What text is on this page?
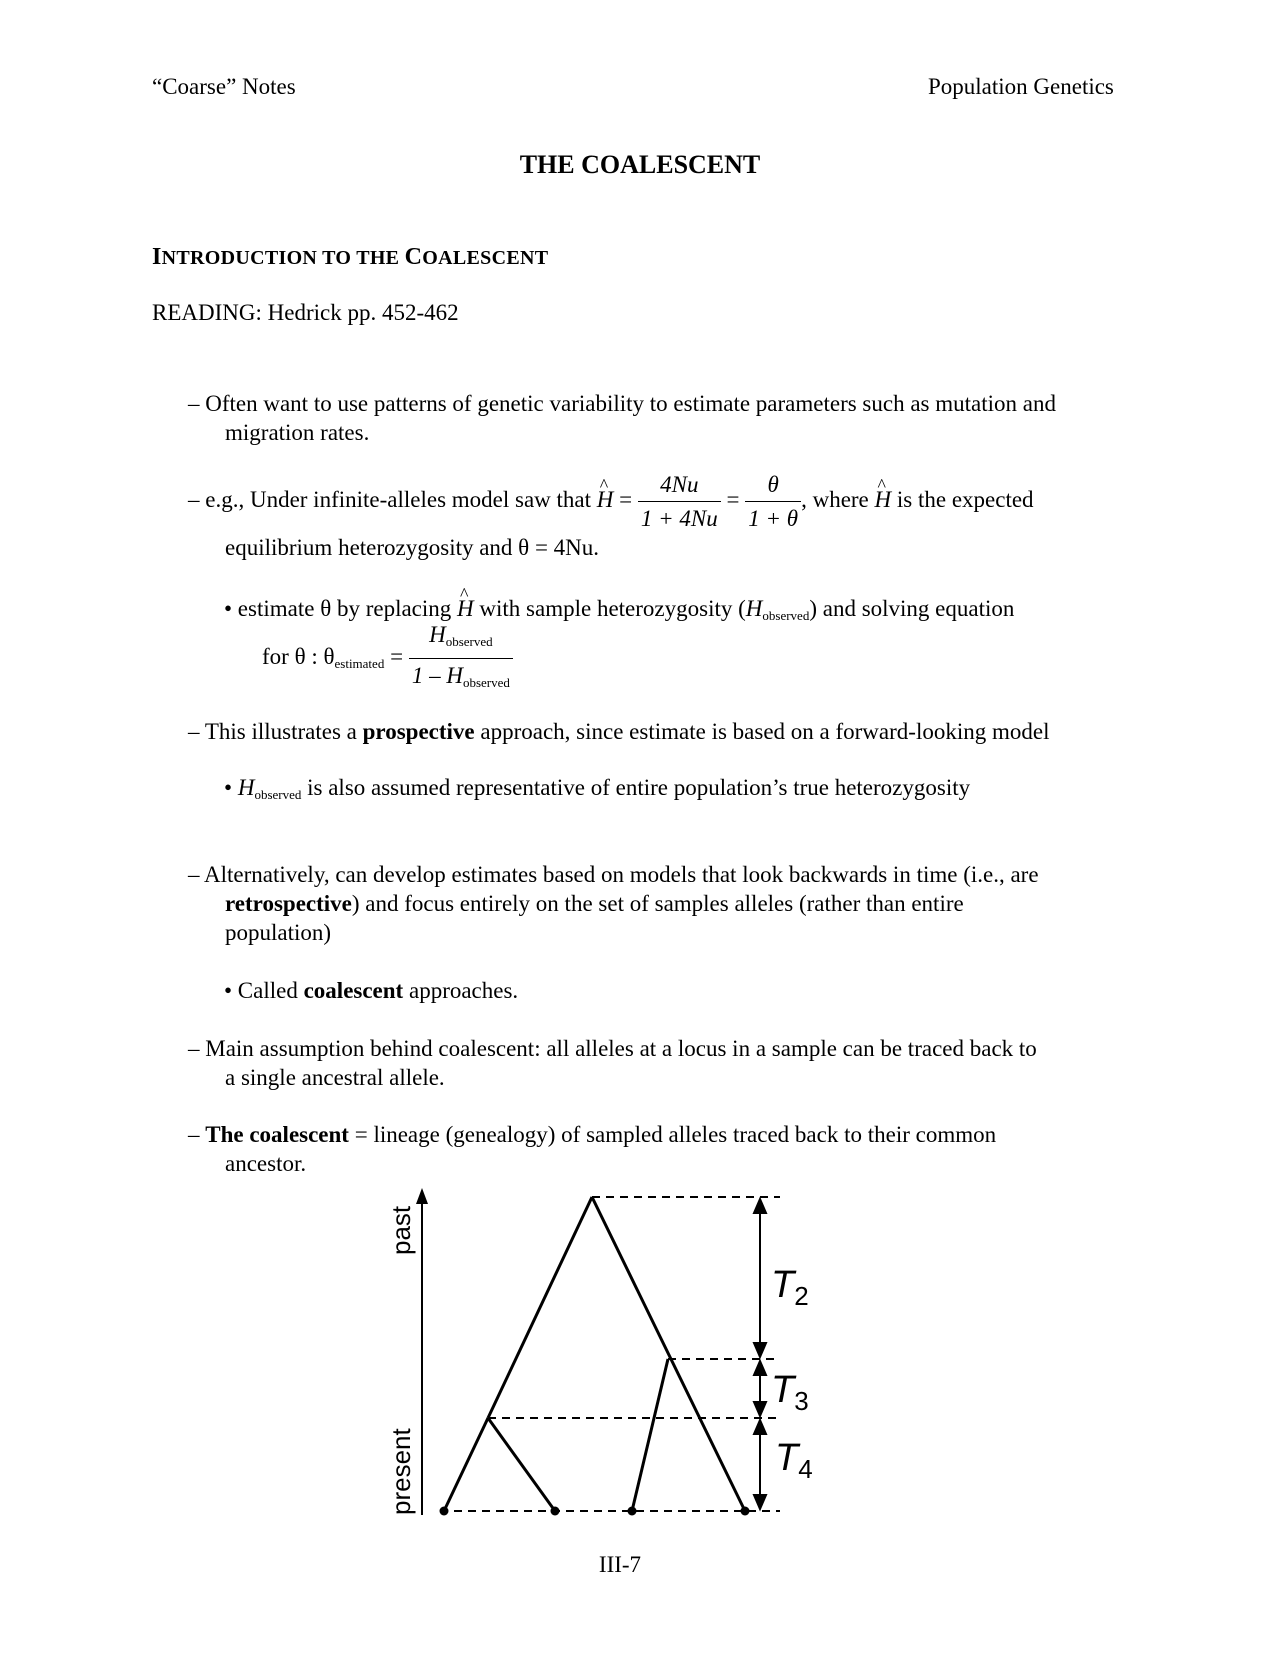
“Coarse” Notes	Population Genetics
THE COALESCENT
INTRODUCTION TO THE COALESCENT
READING: Hedrick pp. 452-462
– Often want to use patterns of genetic variability to estimate parameters such as mutation and migration rates.
– e.g., Under infinite-alleles model saw that ^ $H = \frac{4Nu}{1 + 4Nu} = \frac{\theta}{1 + \theta}$ , where ^ H is the expected
equilibrium heterozygosity and θ = 4Nu.
• estimate θ by replacing ^ H with sample heterozygosity $(H_{observed})$ and solving equation
for θ : $\theta_{estimated} = \frac{H_{observed}}{1 - H_{observed}}$
– This illustrates a prospective approach, since estimate is based on a forward-looking model
• $H_{observed}$ is also assumed representative of entire population’s true heterozygosity
– Alternatively, can develop estimates based on models that look backwards in time (i.e., are
retrospective) and focus entirely on the set of samples alleles (rather than entire
population)
• Called coalescent approaches.
– Main assumption behind coalescent: all alleles at a locus in a sample can be traced back to
a single ancestral allele.
– The coalescent = lineage (genealogy) of sampled alleles traced back to their common
ancestor.
past
present
$T_2$
$T_3$
$T_4$
III-7
